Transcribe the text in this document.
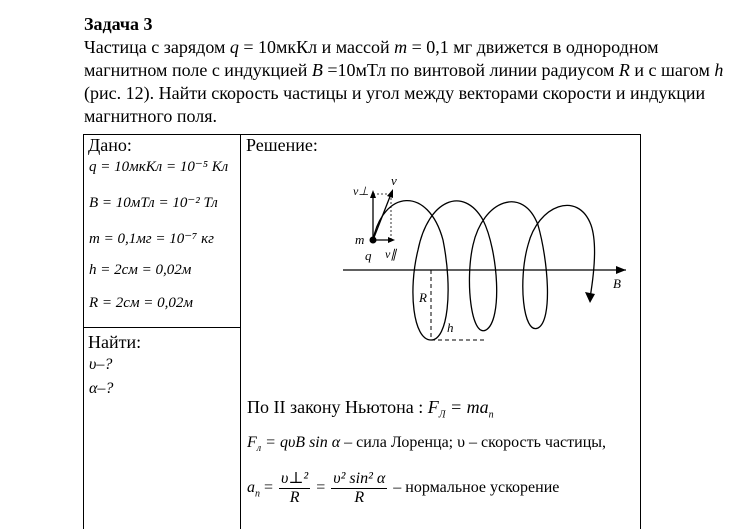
Задача 3

Частица с зарядом q = 10мкКл и массой m = 0,1 мг движется в однородном магнитном поле с индукцией B =10мТл по винтовой линии радиусом R и с шагом h (рис. 12). Найти скорость частицы и угол между векторами скорости и индукции магнитного поля.

Дано:
q = 10мкКл = 10⁻⁵ Кл
B = 10мТл = 10⁻² Тл
m = 0,1мг = 10⁻⁷ кг
h = 2см = 0,02м
R = 2см = 0,02м
Найти:
υ–?
α–?
Решение:
v⊥
v
m
q v∥
R
h
B
По II закону Ньютона : $F_Л = ma_n$
$F_л = q\upsilon B$ sin α – сила Лоренца; υ – скорость частицы,
$a_n = \frac{\text{υ⊥²}}{R} = \frac{\text{υ² sin² α}}{R}$ – нормальное ускорение
